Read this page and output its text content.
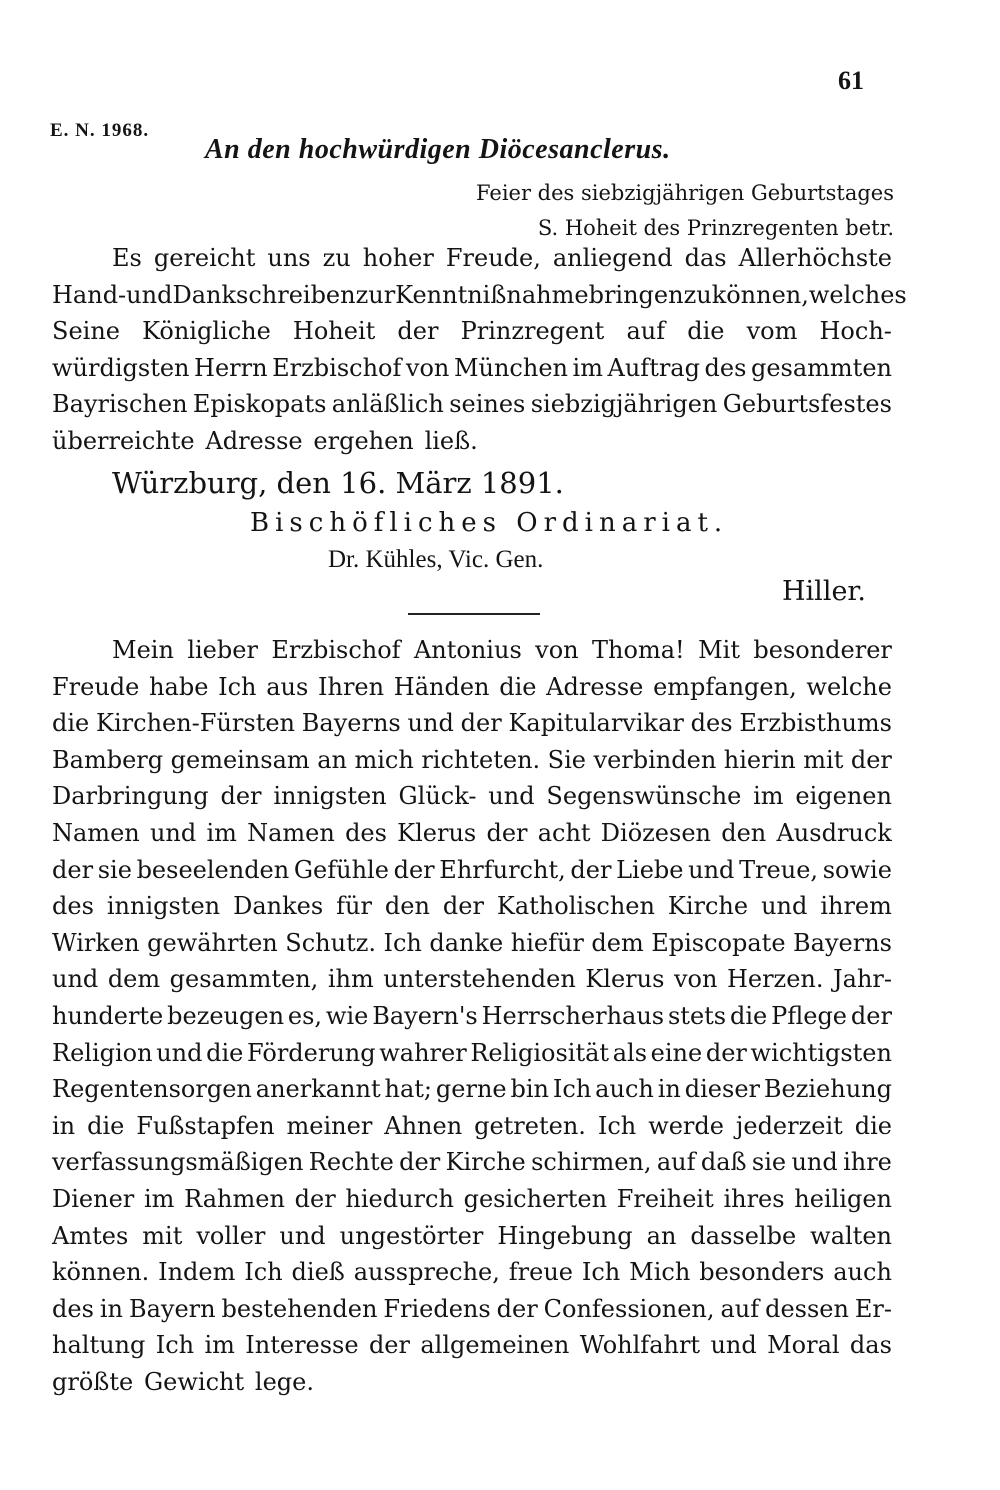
61
E. N. 1968.
An den hochwürdigen Diöcesanclerus.
Feier des siebzigjährigen Geburtstages
S. Hoheit des Prinzregenten betr.
Es gereicht uns zu hoher Freude, anliegend das Allerhöchste
Hand- und Dankschreiben zur Kenntnißnahme bringen zu können, welches
Seine Königliche Hoheit der Prinzregent auf die vom Hoch-
würdigsten Herrn Erzbischof von München im Auftrag des gesammten
Bayrischen Episkopats anläßlich seines siebzigjährigen Geburtsfestes
überreichte Adresse ergehen ließ.
Würzburg, den 16. März 1891.
Bischöfliches Ordinariat.
Dr. Kühles, Vic. Gen.
Hiller.
Mein lieber Erzbischof Antonius von Thoma! Mit besonderer
Freude habe Ich aus Ihren Händen die Adresse empfangen, welche
die Kirchen-Fürsten Bayerns und der Kapitularvikar des Erzbisthums
Bamberg gemeinsam an mich richteten. Sie verbinden hierin mit der
Darbringung der innigsten Glück- und Segenswünsche im eigenen
Namen und im Namen des Klerus der acht Diözesen den Ausdruck
der sie beseelenden Gefühle der Ehrfurcht, der Liebe und Treue, sowie
des innigsten Dankes für den der Katholischen Kirche und ihrem
Wirken gewährten Schutz. Ich danke hiefür dem Episcopate Bayerns
und dem gesammten, ihm unterstehenden Klerus von Herzen. Jahr-
hunderte bezeugen es, wie Bayern's Herrscherhaus stets die Pflege der
Religion und die Förderung wahrer Religiosität als eine der wichtigsten
Regentensorgen anerkannt hat; gerne bin Ich auch in dieser Beziehung
in die Fußstapfen meiner Ahnen getreten. Ich werde jederzeit die
verfassungsmäßigen Rechte der Kirche schirmen, auf daß sie und ihre
Diener im Rahmen der hiedurch gesicherten Freiheit ihres heiligen
Amtes mit voller und ungestörter Hingebung an dasselbe walten
können. Indem Ich dieß ausspreche, freue Ich Mich besonders auch
des in Bayern bestehenden Friedens der Confessionen, auf dessen Er-
haltung Ich im Interesse der allgemeinen Wohlfahrt und Moral das
größte Gewicht lege.
